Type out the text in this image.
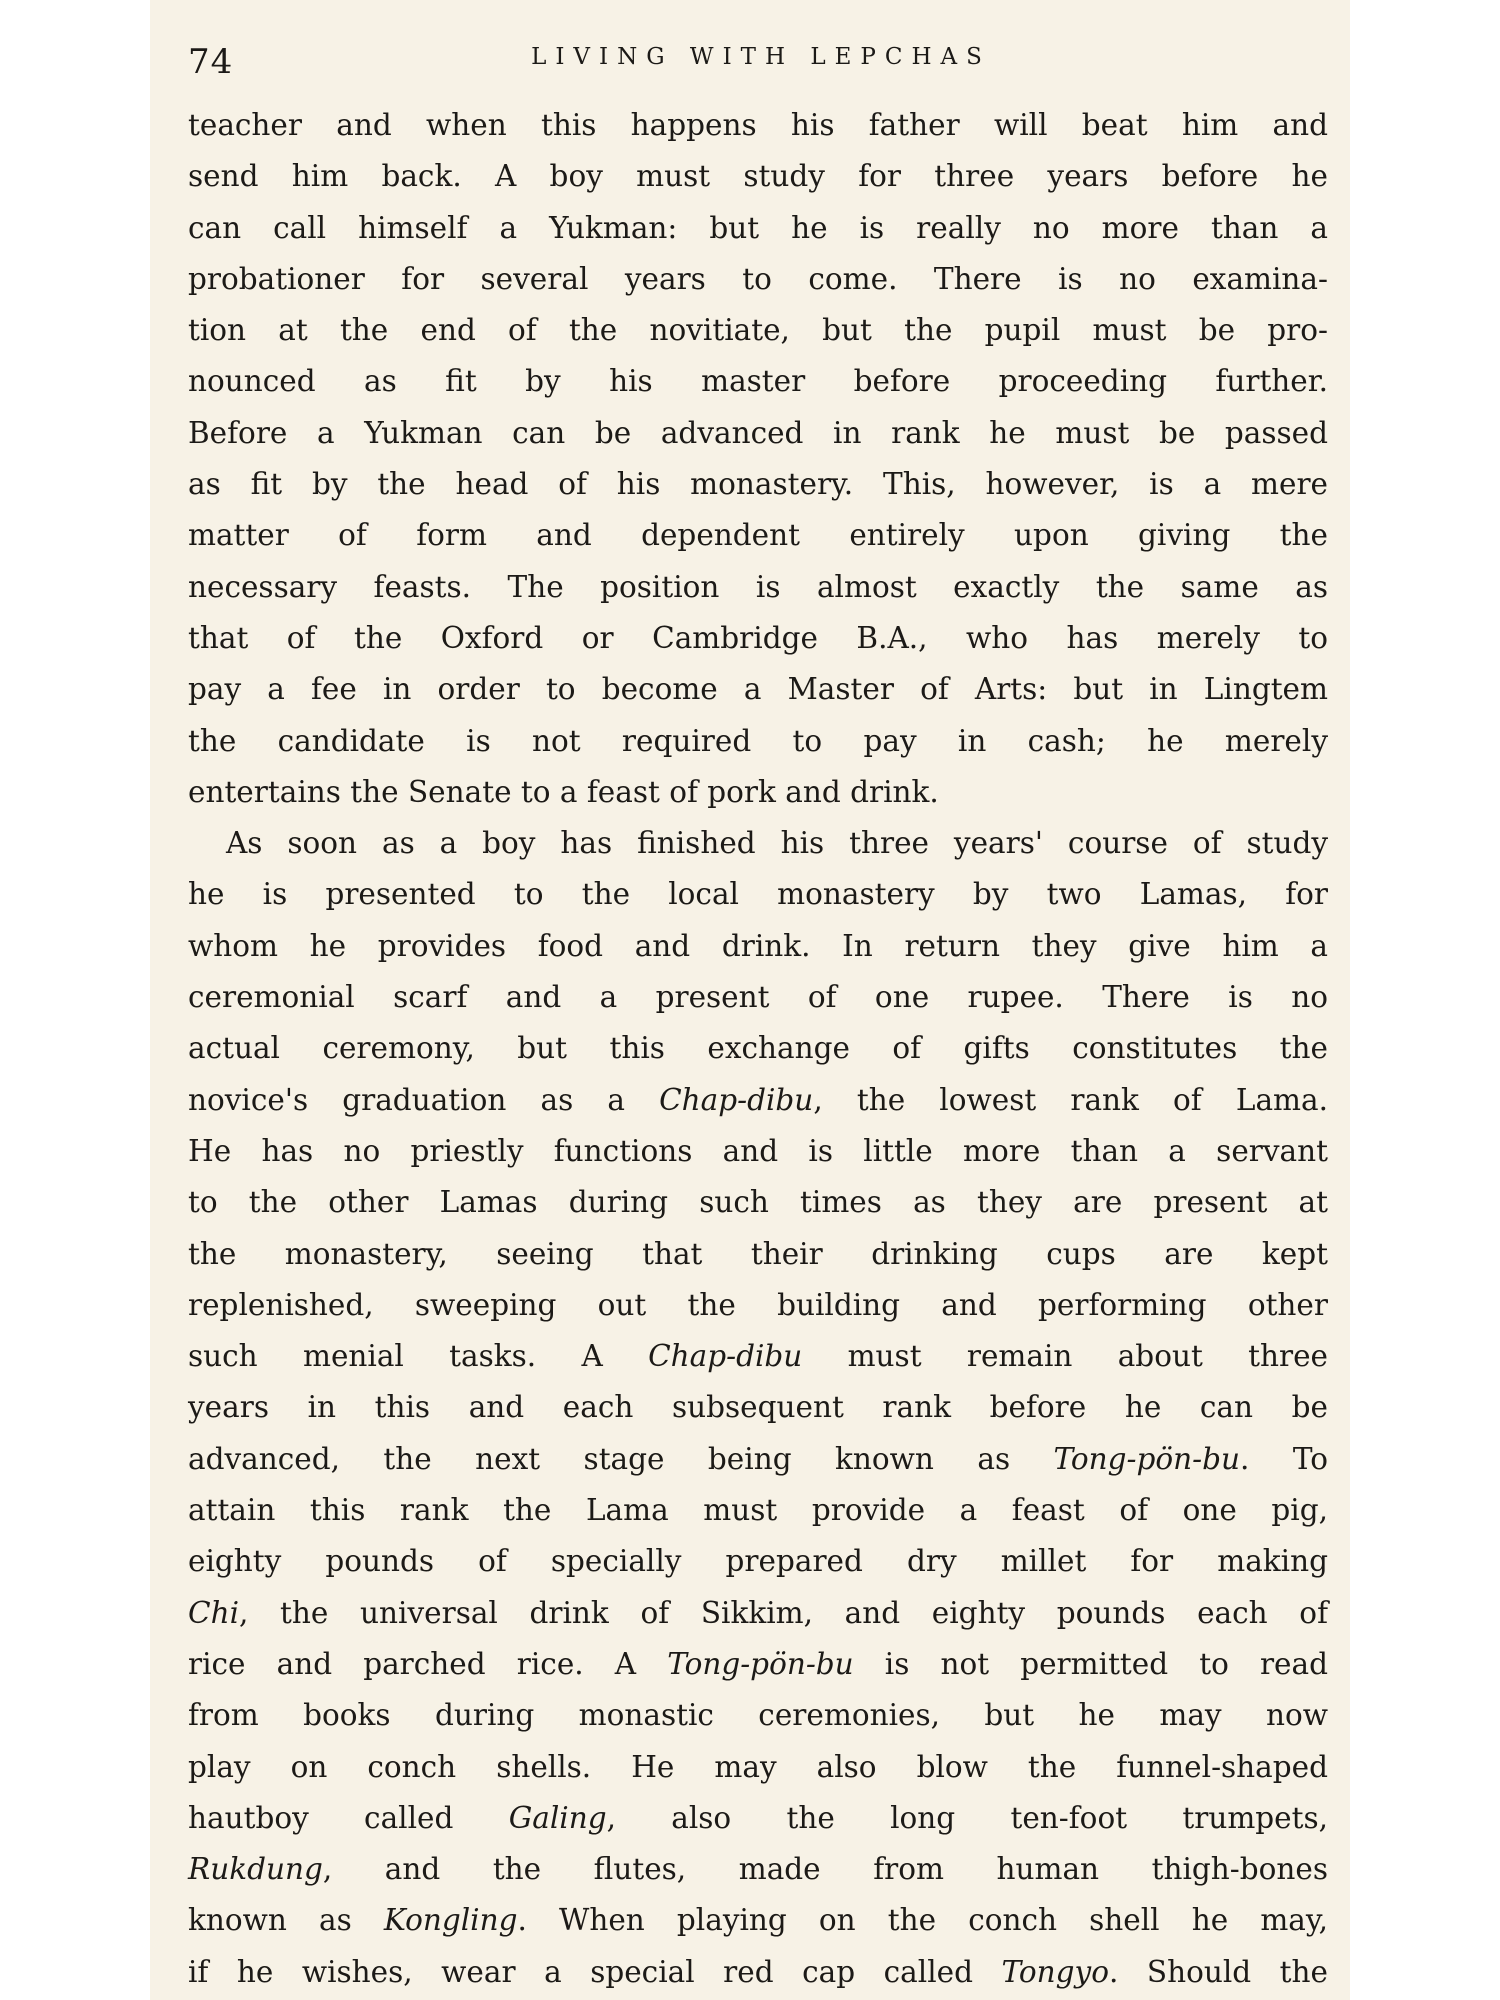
74	LIVING WITH LEPCHAS
teacher and when this happens his father will beat him and
send him back. A boy must study for three years before he
can call himself a Yukman: but he is really no more than a
probationer for several years to come. There is no examina-
tion at the end of the novitiate, but the pupil must be pro-
nounced as fit by his master before proceeding further.
Before a Yukman can be advanced in rank he must be passed
as fit by the head of his monastery. This, however, is a mere
matter of form and dependent entirely upon giving the
necessary feasts. The position is almost exactly the same as
that of the Oxford or Cambridge B.A., who has merely to
pay a fee in order to become a Master of Arts: but in Lingtem
the candidate is not required to pay in cash; he merely
entertains the Senate to a feast of pork and drink.
As soon as a boy has finished his three years' course of study
he is presented to the local monastery by two Lamas, for
whom he provides food and drink. In return they give him a
ceremonial scarf and a present of one rupee. There is no
actual ceremony, but this exchange of gifts constitutes the
novice's graduation as a Chap-dibu, the lowest rank of Lama.
He has no priestly functions and is little more than a servant
to the other Lamas during such times as they are present at
the monastery, seeing that their drinking cups are kept
replenished, sweeping out the building and performing other
such menial tasks. A Chap-dibu must remain about three
years in this and each subsequent rank before he can be
advanced, the next stage being known as Tong-pön-bu. To
attain this rank the Lama must provide a feast of one pig,
eighty pounds of specially prepared dry millet for making
Chi, the universal drink of Sikkim, and eighty pounds each of
rice and parched rice. A Tong-pön-bu is not permitted to read
from books during monastic ceremonies, but he may now
play on conch shells. He may also blow the funnel-shaped
hautboy called Galing, also the long ten-foot trumpets,
Rukdung, and the flutes, made from human thigh-bones
known as Kongling. When playing on the conch shell he may,
if he wishes, wear a special red cap called Tongyo. Should the
